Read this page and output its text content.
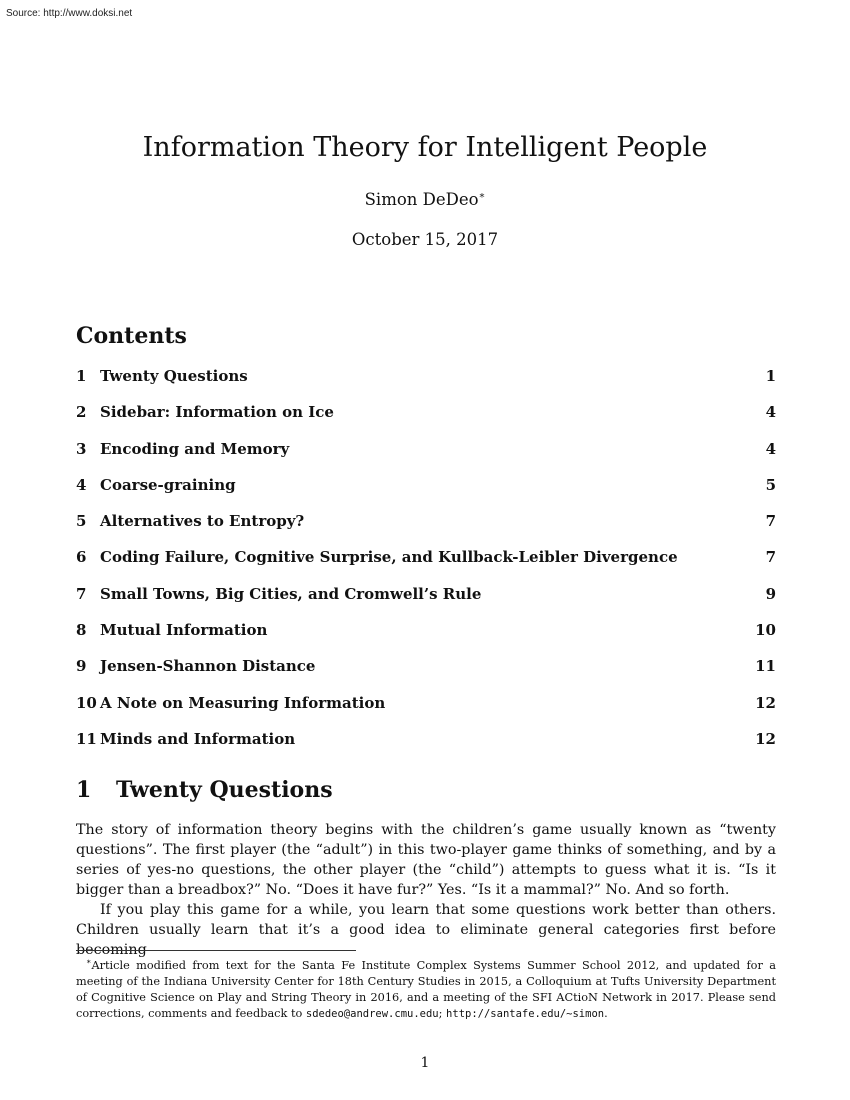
Source: http://www.doksi.net
Information Theory for Intelligent People
Simon DeDeo∗
October 15, 2017
Contents
1 Twenty Questions	1
2 Sidebar: Information on Ice	4
3 Encoding and Memory	4
4 Coarse-graining	5
5 Alternatives to Entropy?	7
6 Coding Failure, Cognitive Surprise, and Kullback-Leibler Divergence	7
7 Small Towns, Big Cities, and Cromwell’s Rule	9
8 Mutual Information	10
9 Jensen-Shannon Distance	11
10 A Note on Measuring Information	12
11 Minds and Information	12
1 Twenty Questions

The story of information theory begins with the children’s game usually known as “twenty questions”. The first player (the “adult”) in this two-player game thinks of something, and by a series of yes-no questions, the other player (the “child”) attempts to guess what it is. “Is it bigger than a breadbox?” No. “Does it have fur?” Yes. “Is it a mammal?” No. And so forth.

If you play this game for a while, you learn that some questions work better than others. Children usually learn that it’s a good idea to eliminate general categories first before becoming

∗Article modified from text for the Santa Fe Institute Complex Systems Summer School 2012, and updated for a meeting of the Indiana University Center for 18th Century Studies in 2015, a Colloquium at Tufts University Department of Cognitive Science on Play and String Theory in 2016, and a meeting of the SFI ACtioN Network in 2017. Please send corrections, comments and feedback to sdedeo@andrew.cmu.edu; http://santafe.edu/~simon.
1
